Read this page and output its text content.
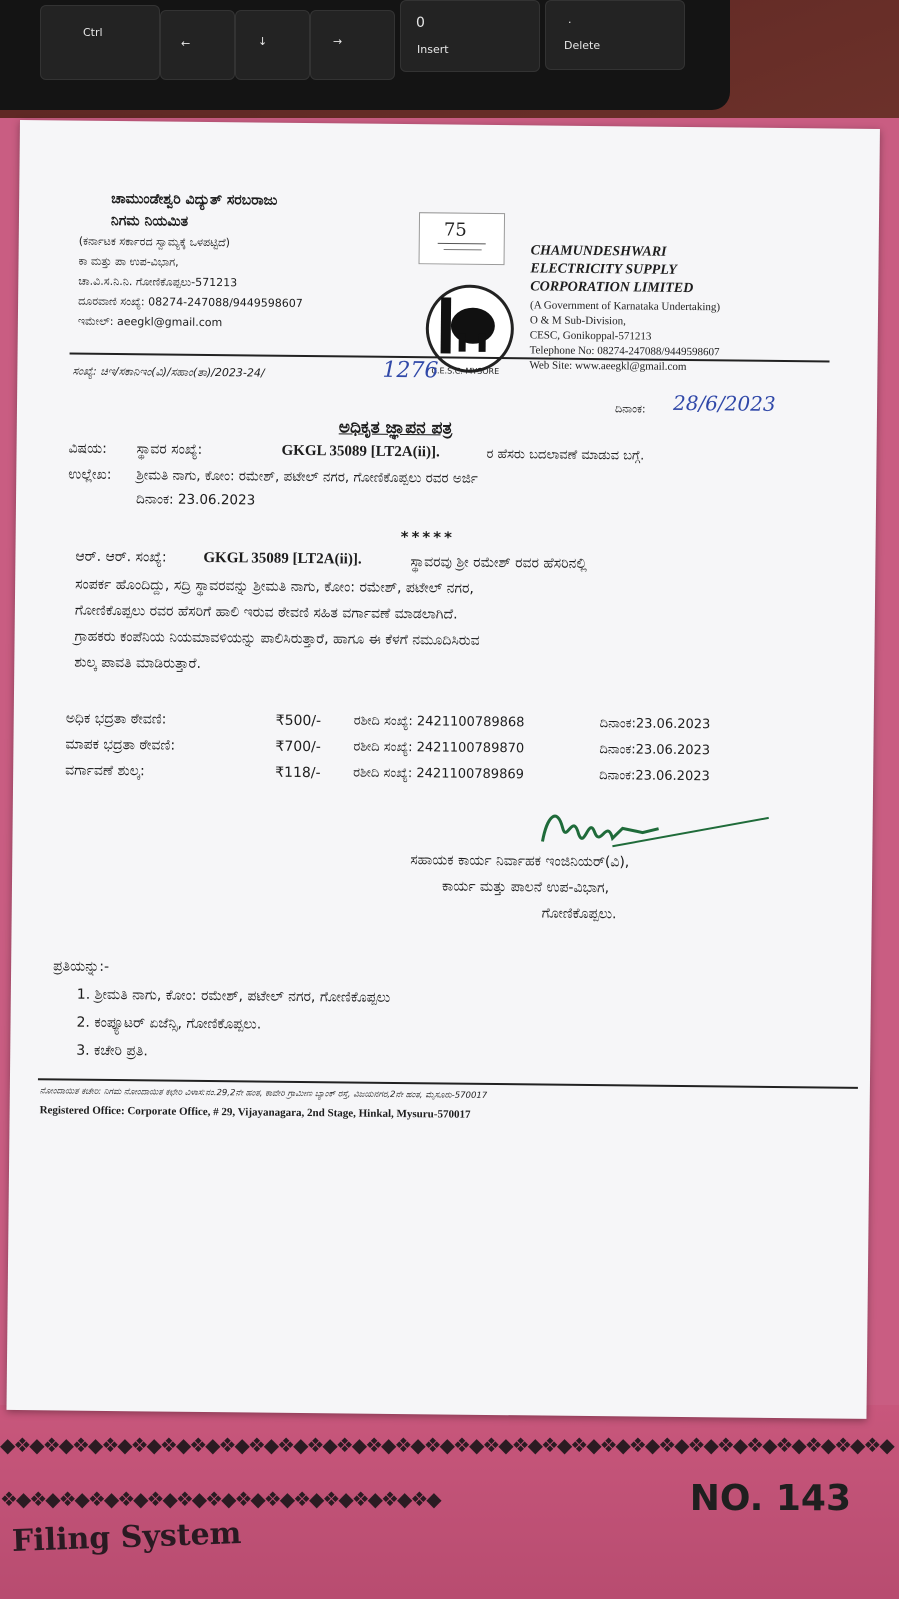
Ctrl
←	↓	→
0
Insert
.
Delete
◆❖◆❖◆❖◆❖◆❖◆❖◆❖◆❖◆❖◆❖◆❖◆❖◆❖◆❖◆❖◆❖◆❖◆❖◆❖◆❖◆❖◆❖◆❖◆❖◆❖◆❖◆❖◆❖◆❖◆❖◆
❖◆❖◆❖◆❖◆❖◆❖◆❖◆❖◆❖◆❖◆❖◆❖◆❖◆❖◆❖◆	NO. 143
Filing System
ಚಾಮುಂಡೇಶ್ವರಿ ವಿದ್ಯುತ್ ಸರಬರಾಜು
ನಿಗಮ ನಿಯಮಿತ
(ಕರ್ನಾಟಕ ಸರ್ಕಾರದ ಸ್ವಾಮ್ಯಕ್ಕೆ ಒಳಪಟ್ಟಿದೆ)
ಕಾ ಮತ್ತು ಪಾ ಉಪ-ವಿಭಾಗ,
ಚಾ.ವಿ.ಸ.ನಿ.ನಿ. ಗೋಣಿಕೊಪ್ಪಲು-571213
ದೂರವಾಣಿ ಸಂಖ್ಯೆ: 08274-247088/9449598607
ಇಮೇಲ್: aeegkl@gmail.com
75
C.E.S.C. MYSORE
CHAMUNDESHWARI
ELECTRICITY SUPPLY
CORPORATION LIMITED
(A Government of Karnataka Undertaking)
O & M Sub-Division,
CESC, Gonikoppal-571213
Telephone No: 08274-247088/9449598607
Web Site: www.aeegkl@gmail.com
ಸಂಖ್ಯೆ: ಚಿಇ/ಸಕಾನಿಇಂ(ವಿ)/ಸಹಾಂ(ತಾ)/2023-24/	1276
ದಿನಾಂಕ: 28/6/2023
ಅಧಿಕೃತ ಜ್ಞಾಪನ ಪತ್ರ
ವಿಷಯ: ಸ್ಥಾವರ ಸಂಖ್ಯೆ:	GKGL 35089 [LT2A(ii)].	ರ ಹೆಸರು ಬದಲಾವಣೆ ಮಾಡುವ ಬಗ್ಗೆ.
ಉಲ್ಲೇಖ: ಶ್ರೀಮತಿ ನಾಗು, ಕೋಂ: ರಮೇಶ್, ಪಟೇಲ್ ನಗರ, ಗೋಣಿಕೊಪ್ಪಲು ರವರ ಅರ್ಜಿ
ದಿನಾಂಕ: 23.06.2023
*****
ಆರ್. ಆರ್. ಸಂಖ್ಯೆ: GKGL 35089 [LT2A(ii)].	ಸ್ಥಾವರವು ಶ್ರೀ ರಮೇಶ್ ರವರ ಹೆಸರಿನಲ್ಲಿ
ಸಂಪರ್ಕ ಹೊಂದಿದ್ದು, ಸದ್ರಿ ಸ್ಥಾವರವನ್ನು ಶ್ರೀಮತಿ ನಾಗು, ಕೋಂ: ರಮೇಶ್, ಪಟೇಲ್ ನಗರ,
ಗೋಣಿಕೊಪ್ಪಲು ರವರ ಹೆಸರಿಗೆ ಹಾಲಿ ಇರುವ ಠೇವಣಿ ಸಹಿತ ವರ್ಗಾವಣೆ ಮಾಡಲಾಗಿದೆ.
ಗ್ರಾಹಕರು ಕಂಪೆನಿಯ ನಿಯಮಾವಳಿಯನ್ನು ಪಾಲಿಸಿರುತ್ತಾರೆ, ಹಾಗೂ ಈ ಕೆಳಗೆ ನಮೂದಿಸಿರುವ
ಶುಲ್ಕ ಪಾವತಿ ಮಾಡಿರುತ್ತಾರೆ.
ಅಧಿಕ ಭದ್ರತಾ ಠೇವಣಿ:	₹500/- ರಶೀದಿ ಸಂಖ್ಯೆ: 2421100789868	ದಿನಾಂಕ:23.06.2023
ಮಾಪಕ ಭದ್ರತಾ ಠೇವಣಿ:	₹700/- ರಶೀದಿ ಸಂಖ್ಯೆ: 2421100789870	ದಿನಾಂಕ:23.06.2023
ವರ್ಗಾವಣೆ ಶುಲ್ಕ:	₹118/- ರಶೀದಿ ಸಂಖ್ಯೆ: 2421100789869	ದಿನಾಂಕ:23.06.2023
ಸಹಾಯಕ ಕಾರ್ಯ ನಿರ್ವಾಹಕ ಇಂಜಿನಿಯರ್(ವಿ),
ಕಾರ್ಯ ಮತ್ತು ಪಾಲನೆ ಉಪ-ವಿಭಾಗ,
ಗೋಣಿಕೊಪ್ಪಲು.
ಪ್ರತಿಯನ್ನು:-
1. ಶ್ರೀಮತಿ ನಾಗು, ಕೋಂ: ರಮೇಶ್, ಪಟೇಲ್ ನಗರ, ಗೋಣಿಕೊಪ್ಪಲು
2. ಕಂಪ್ಯೂಟರ್ ಏಜೆನ್ಸಿ, ಗೋಣಿಕೊಪ್ಪಲು.
3. ಕಚೇರಿ ಪ್ರತಿ.
ನೋಂದಾಯಿತ ಕಚೇರಿ: ನಿಗಮ ನೋಂದಾಯಿತ ಕಛೇರಿ ವಿಳಾಸ:ನಂ.29,2ನೇ ಹಂತ, ಕಾವೇರಿ ಗ್ರಾಮೀಣ ಬ್ಯಾಂಕ್ ರಸ್ತೆ, ವಿಜಯನಗರ,2ನೇ ಹಂತ, ಮೈಸೂರು-570017
Registered Office: Corporate Office, # 29, Vijayanagara, 2nd Stage, Hinkal, Mysuru-570017
